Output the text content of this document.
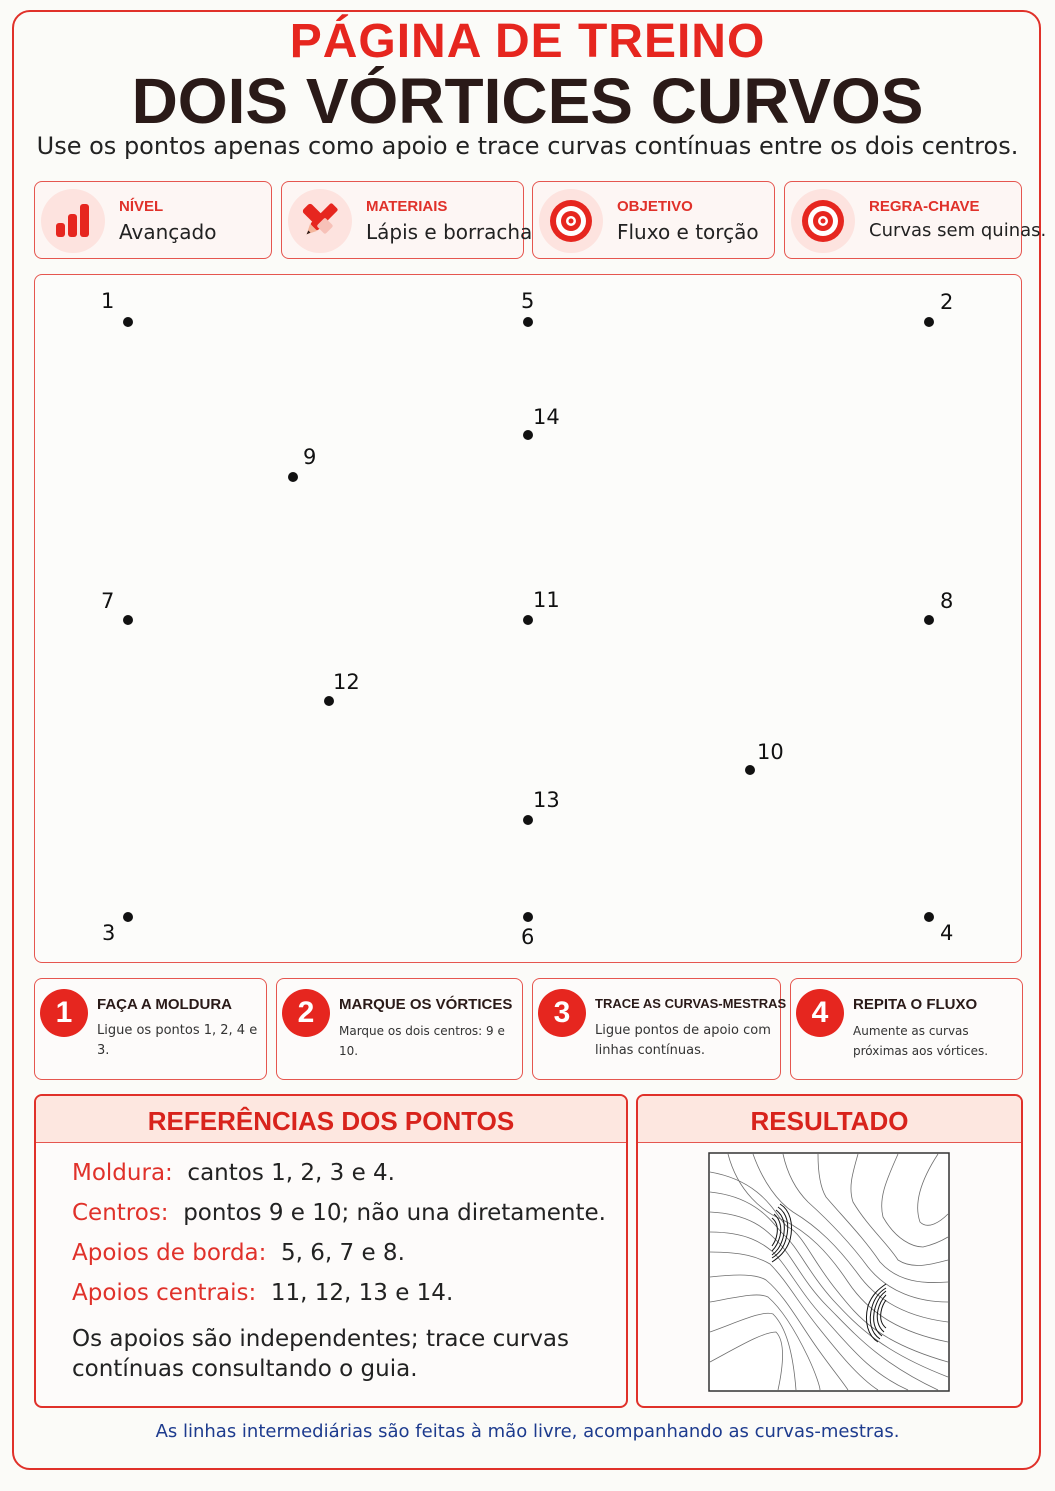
PÁGINA DE TREINO
DOIS VÓRTICES CURVOS
Use os pontos apenas como apoio e trace curvas contínuas entre os dois centros.
NÍVEL
Avançado
MATERIAIS
Lápis e borracha
OBJETIVO
Fluxo e torção
REGRA-CHAVE
Curvas sem quinas.
1	5	2
14
9
7	11	8
12
10
13
3	6	4
1	FAÇA A MOLDURA
Ligue os pontos 1, 2, 4 e 3.
2	MARQUE OS VÓRTICES
Marque os dois centros: 9 e 10.
3	TRACE AS CURVAS-MESTRAS
Ligue pontos de apoio com linhas contínuas.
4	REPITA O FLUXO
Aumente as curvas próximas aos vórtices.
REFERÊNCIAS DOS PONTOS
Moldura: cantos 1, 2, 3 e 4.
Centros: pontos 9 e 10; não una diretamente.
Apoios de borda: 5, 6, 7 e 8.
Apoios centrais: 11, 12, 13 e 14.
Os apoios são independentes; trace curvas contínuas consultando o guia.
RESULTADO
As linhas intermediárias são feitas à mão livre, acompanhando as curvas-mestras.
